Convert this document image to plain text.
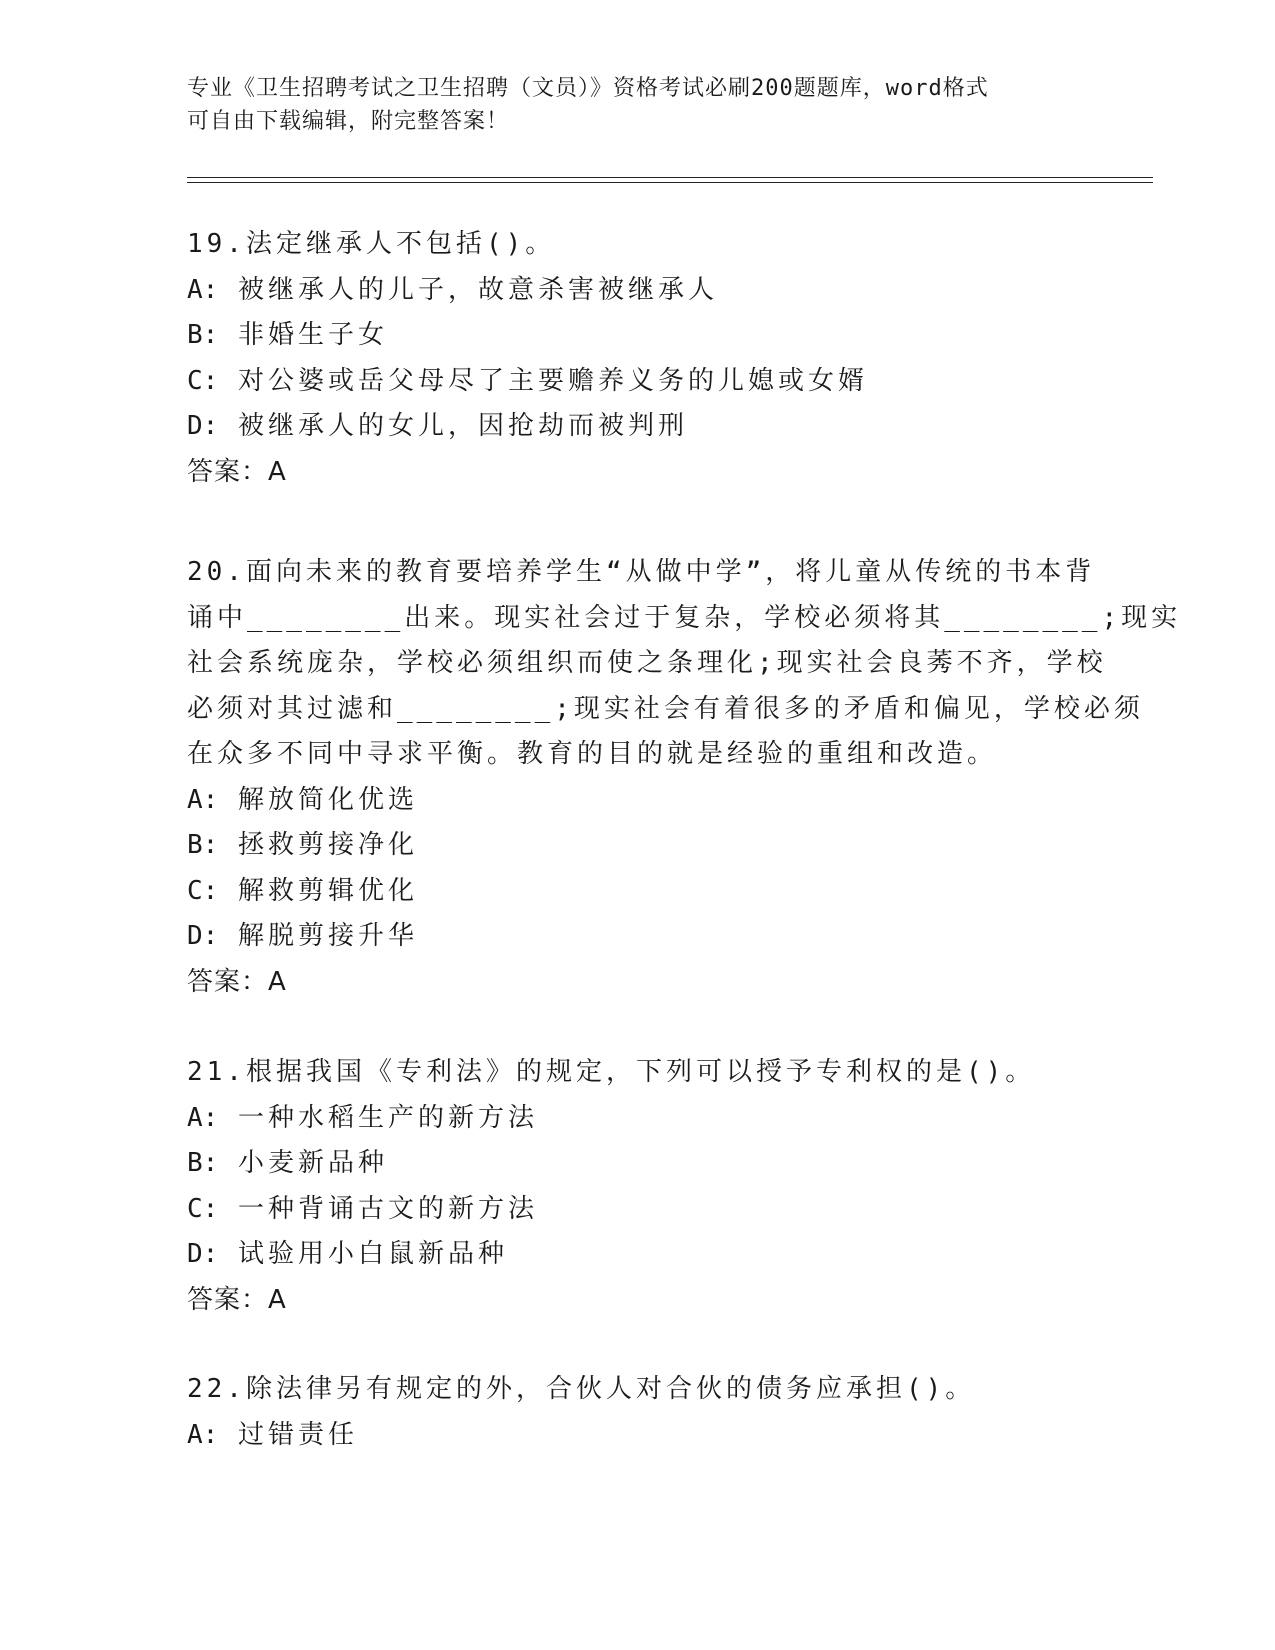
专业《卫生招聘考试之卫生招聘（文员）》资格考试必刷200题题库，word格式
可自由下载编辑，附完整答案！
19.法定继承人不包括()。
A: 被继承人的儿子，故意杀害被继承人
B: 非婚生子女
C: 对公婆或岳父母尽了主要赡养义务的儿媳或女婿
D: 被继承人的女儿，因抢劫而被判刑
答案：A
20.面向未来的教育要培养学生“从做中学”，将儿童从传统的书本背
诵中________出来。现实社会过于复杂，学校必须将其________;现实
社会系统庞杂，学校必须组织而使之条理化;现实社会良莠不齐，学校
必须对其过滤和________;现实社会有着很多的矛盾和偏见，学校必须
在众多不同中寻求平衡。教育的目的就是经验的重组和改造。
A: 解放简化优选
B: 拯救剪接净化
C: 解救剪辑优化
D: 解脱剪接升华
答案：A
21.根据我国《专利法》的规定，下列可以授予专利权的是()。
A: 一种水稻生产的新方法
B: 小麦新品种
C: 一种背诵古文的新方法
D: 试验用小白鼠新品种
答案：A
22.除法律另有规定的外，合伙人对合伙的债务应承担()。
A: 过错责任
